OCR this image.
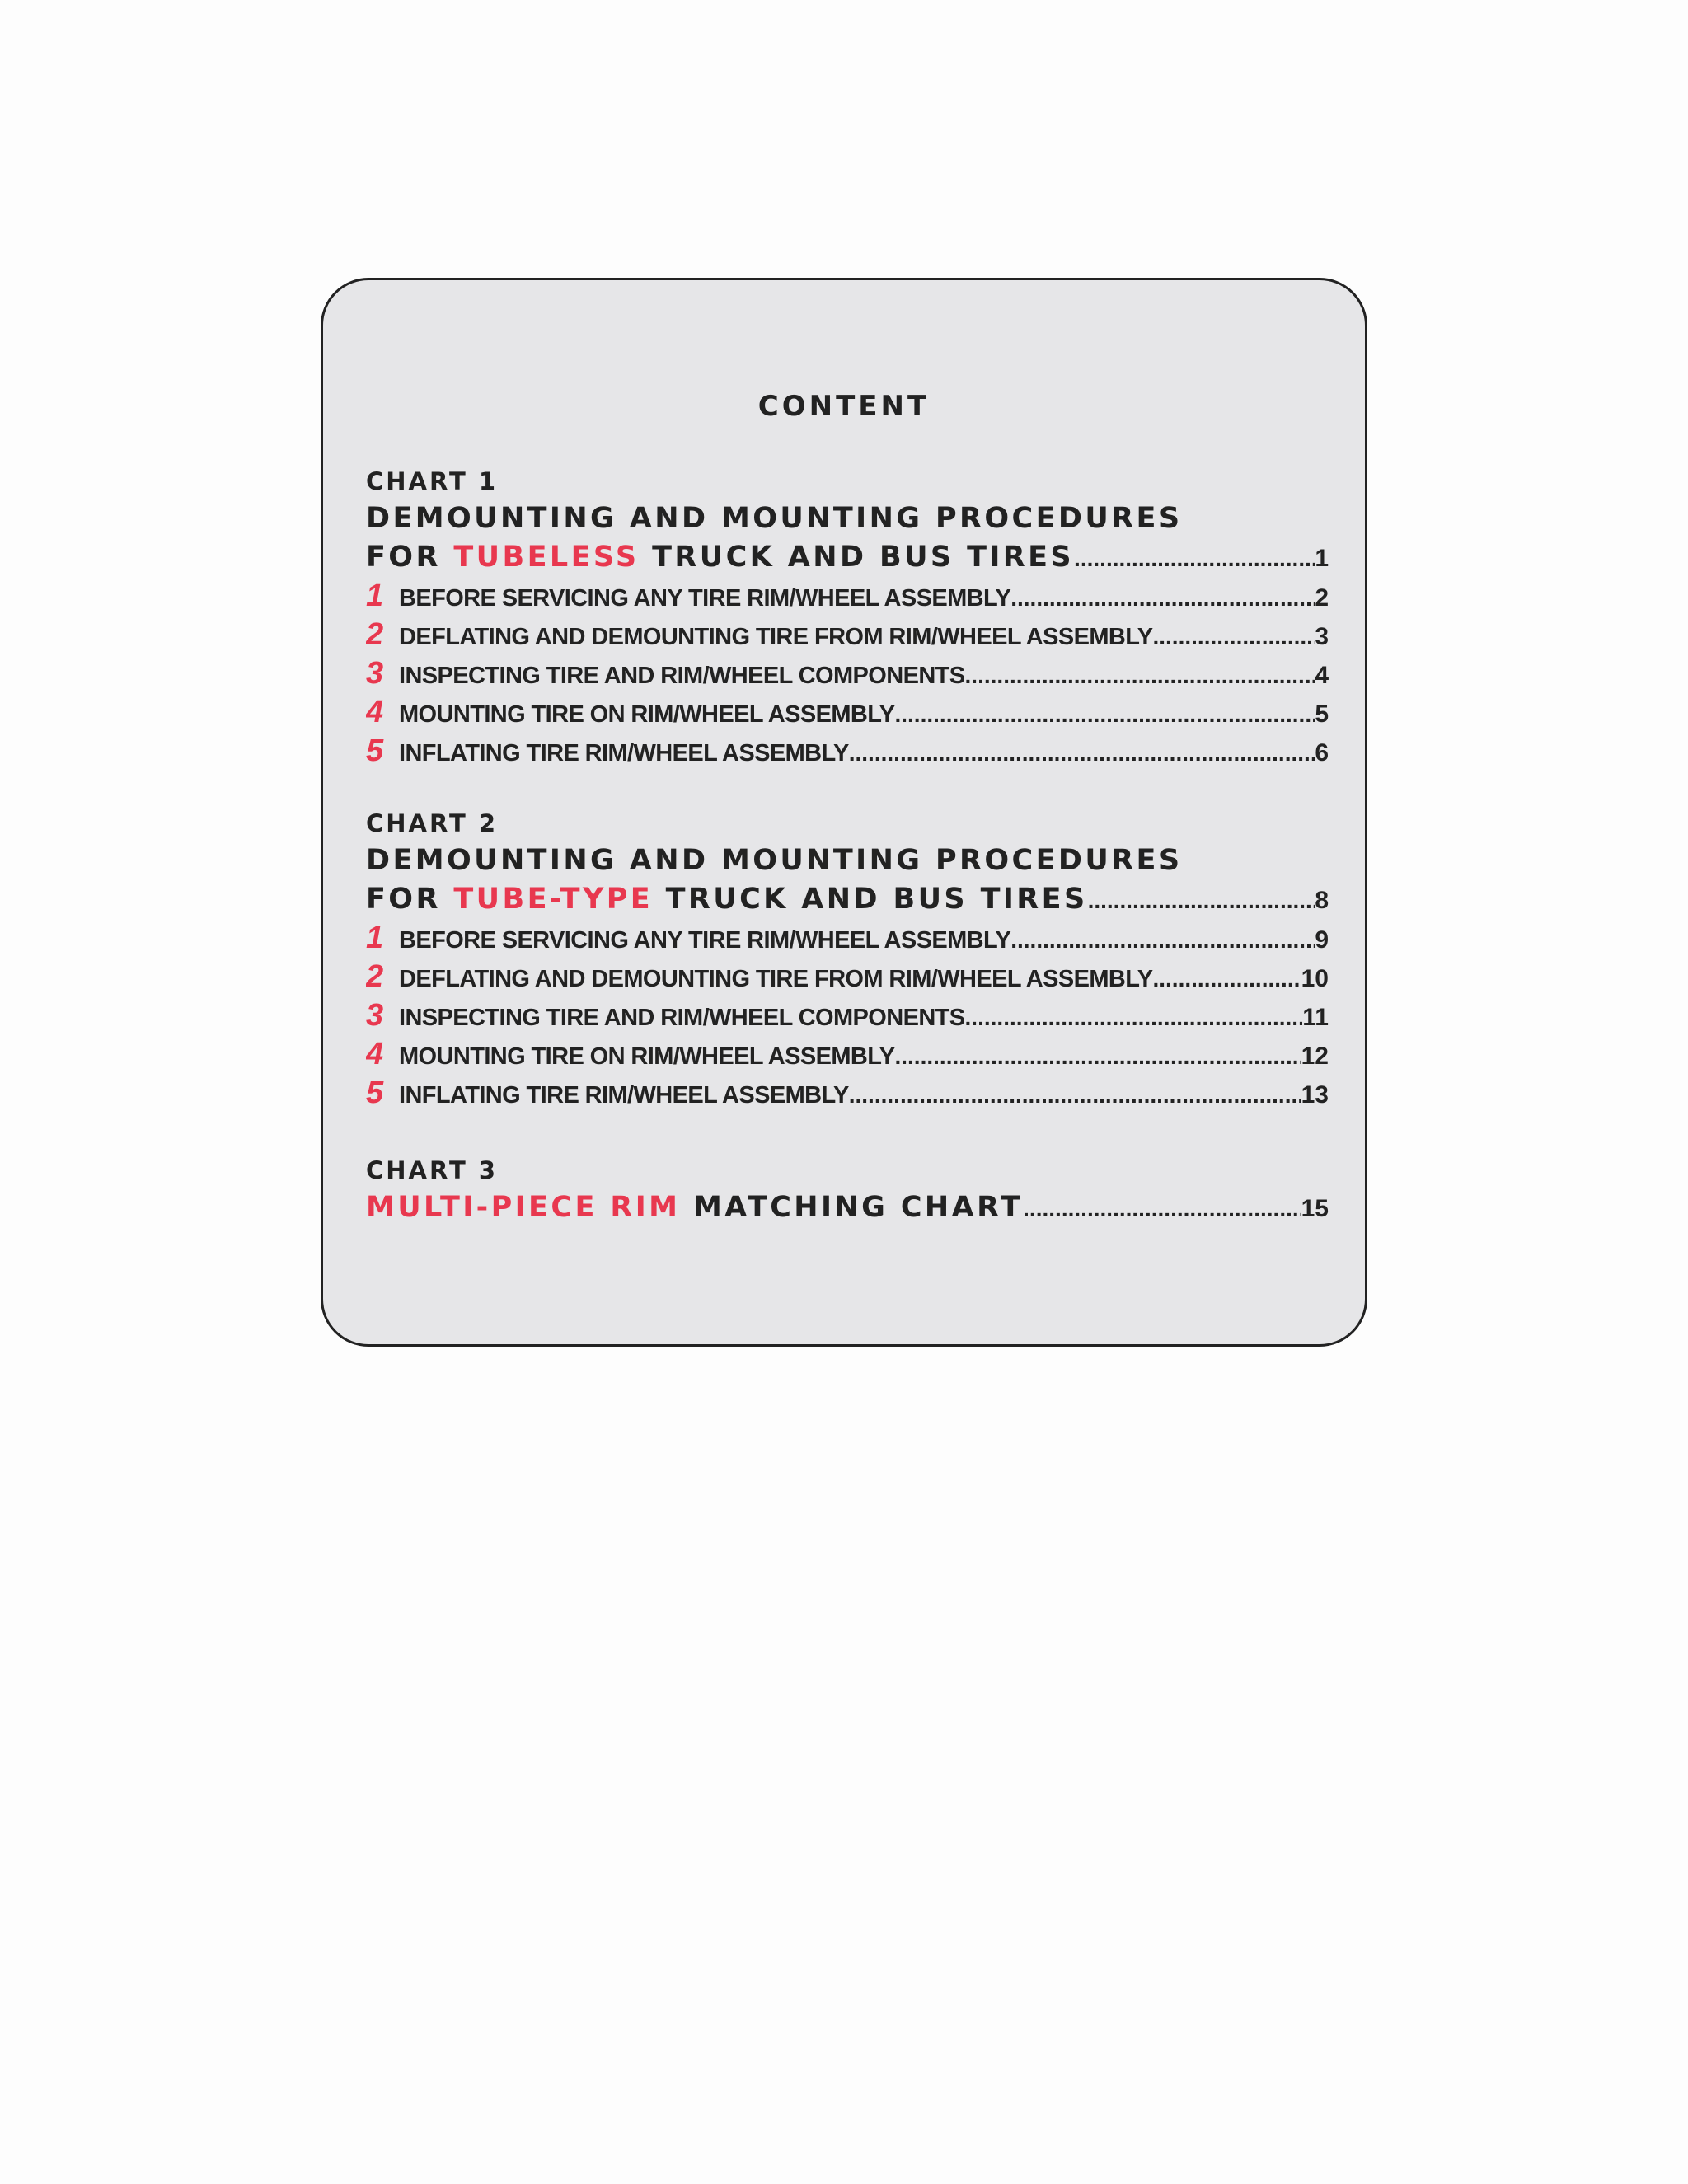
CONTENT
CHART 1
DEMOUNTING AND MOUNTING PROCEDURES
FOR TUBELESS TRUCK AND BUS TIRES .....	1
1 BEFORE SERVICING ANY TIRE RIM/WHEEL ASSEMBLY .....	2
2 DEFLATING AND DEMOUNTING TIRE FROM RIM/WHEEL ASSEMBLY .....	3
3 INSPECTING TIRE AND RIM/WHEEL COMPONENTS .....	4
4 MOUNTING TIRE ON RIM/WHEEL ASSEMBLY .....	5
5 INFLATING TIRE RIM/WHEEL ASSEMBLY .....	6
CHART 2
DEMOUNTING AND MOUNTING PROCEDURES
FOR TUBE-TYPE TRUCK AND BUS TIRES .....	8
1 BEFORE SERVICING ANY TIRE RIM/WHEEL ASSEMBLY .....	9
2 DEFLATING AND DEMOUNTING TIRE FROM RIM/WHEEL ASSEMBLY .....	10
3 INSPECTING TIRE AND RIM/WHEEL COMPONENTS .....	11
4 MOUNTING TIRE ON RIM/WHEEL ASSEMBLY .....	12
5 INFLATING TIRE RIM/WHEEL ASSEMBLY .....	13
CHART 3
MULTI-PIECE RIM MATCHING CHART .....	15
